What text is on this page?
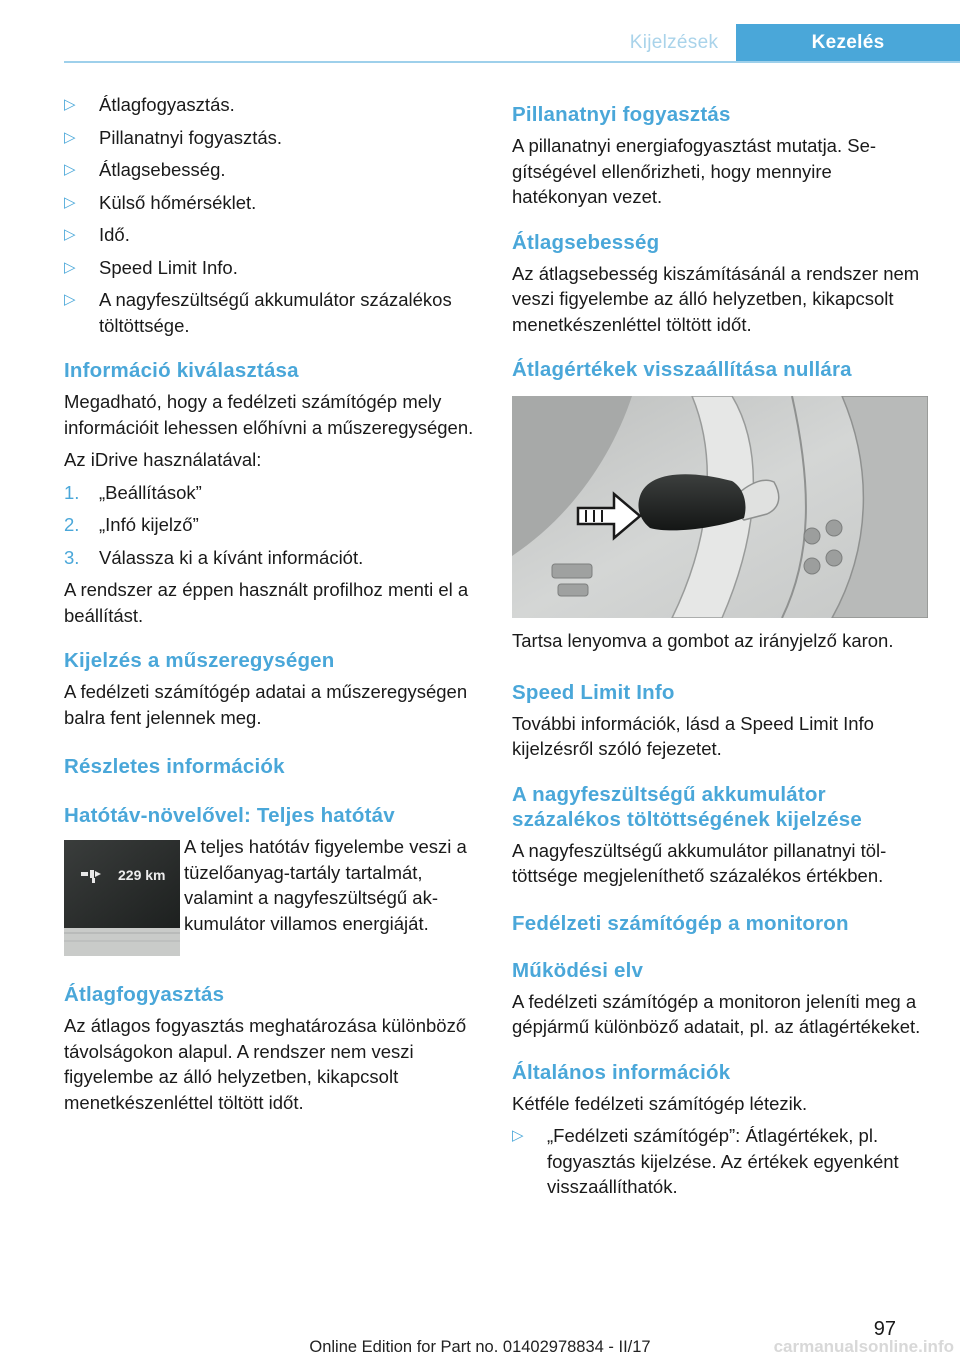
Kijelzések	Kezelés
▷ Átlagfogyasztás.
▷ Pillanatnyi fogyasztás.
▷ Átlagsebesség.
▷ Külső hőmérséklet.
▷ Idő.
▷ Speed Limit Info.
▷ A nagyfeszültségű akkumulátor százalékos töltöttsége.
Információ kiválasztása

Megadható, hogy a fedélzeti számítógép mely információit lehessen előhívni a műszeregységen.

Az iDrive használatával:

1. „Beállítások”
2. „Infó kijelző”
3. Válassza ki a kívánt információt.

A rendszer az éppen használt profilhoz menti el a beállítást.

Kijelzés a műszeregységen

A fedélzeti számítógép adatai a műszeregységen balra fent jelennek meg.

Részletes információk
Hatótáv-növelővel: Teljes hatótáv
229 km
A teljes hatótáv figyelembe veszi a tüzelőanyag-tartály tartalmát, valamint a nagyfeszültségű akkumulátor villamos energiáját.
Átlagfogyasztás

Az átlagos fogyasztás meghatározása különböző távolságokon alapul. A rendszer nem veszi figyelembe az álló helyzetben, kikapcsolt menetkészenléttel töltött időt.

Pillanatnyi fogyasztás

A pillanatnyi energiafogyasztást mutatja. Segítségével ellenőrizheti, hogy mennyire hatékonyan vezet.

Átlagsebesség

Az átlagsebesség kiszámításánál a rendszer nem veszi figyelembe az álló helyzetben, kikapcsolt menetkészenléttel töltött időt.

Átlagértékek visszaállítása nullára

Tartsa lenyomva a gombot az irányjelző karon.

Speed Limit Info

További információk, lásd a Speed Limit Info kijelzésről szóló fejezetet.

A nagyfeszültségű akkumulátor százalékos töltöttségének kijelzése

A nagyfeszültségű akkumulátor pillanatnyi töltöttsége megjeleníthető százalékos értékben.

Fedélzeti számítógép a monitoron
Működési elv

A fedélzeti számítógép a monitoron jeleníti meg a gépjármű különböző adatait, pl. az átlagértékeket.

Általános információk

Kétféle fedélzeti számítógép létezik.

▷ „Fedélzeti számítógép”: Átlagértékek, pl. fogyasztás kijelzése. Az értékek egyenként visszaállíthatók.
97
Online Edition for Part no. 01402978834 - II/17	carmanualsonline.info
